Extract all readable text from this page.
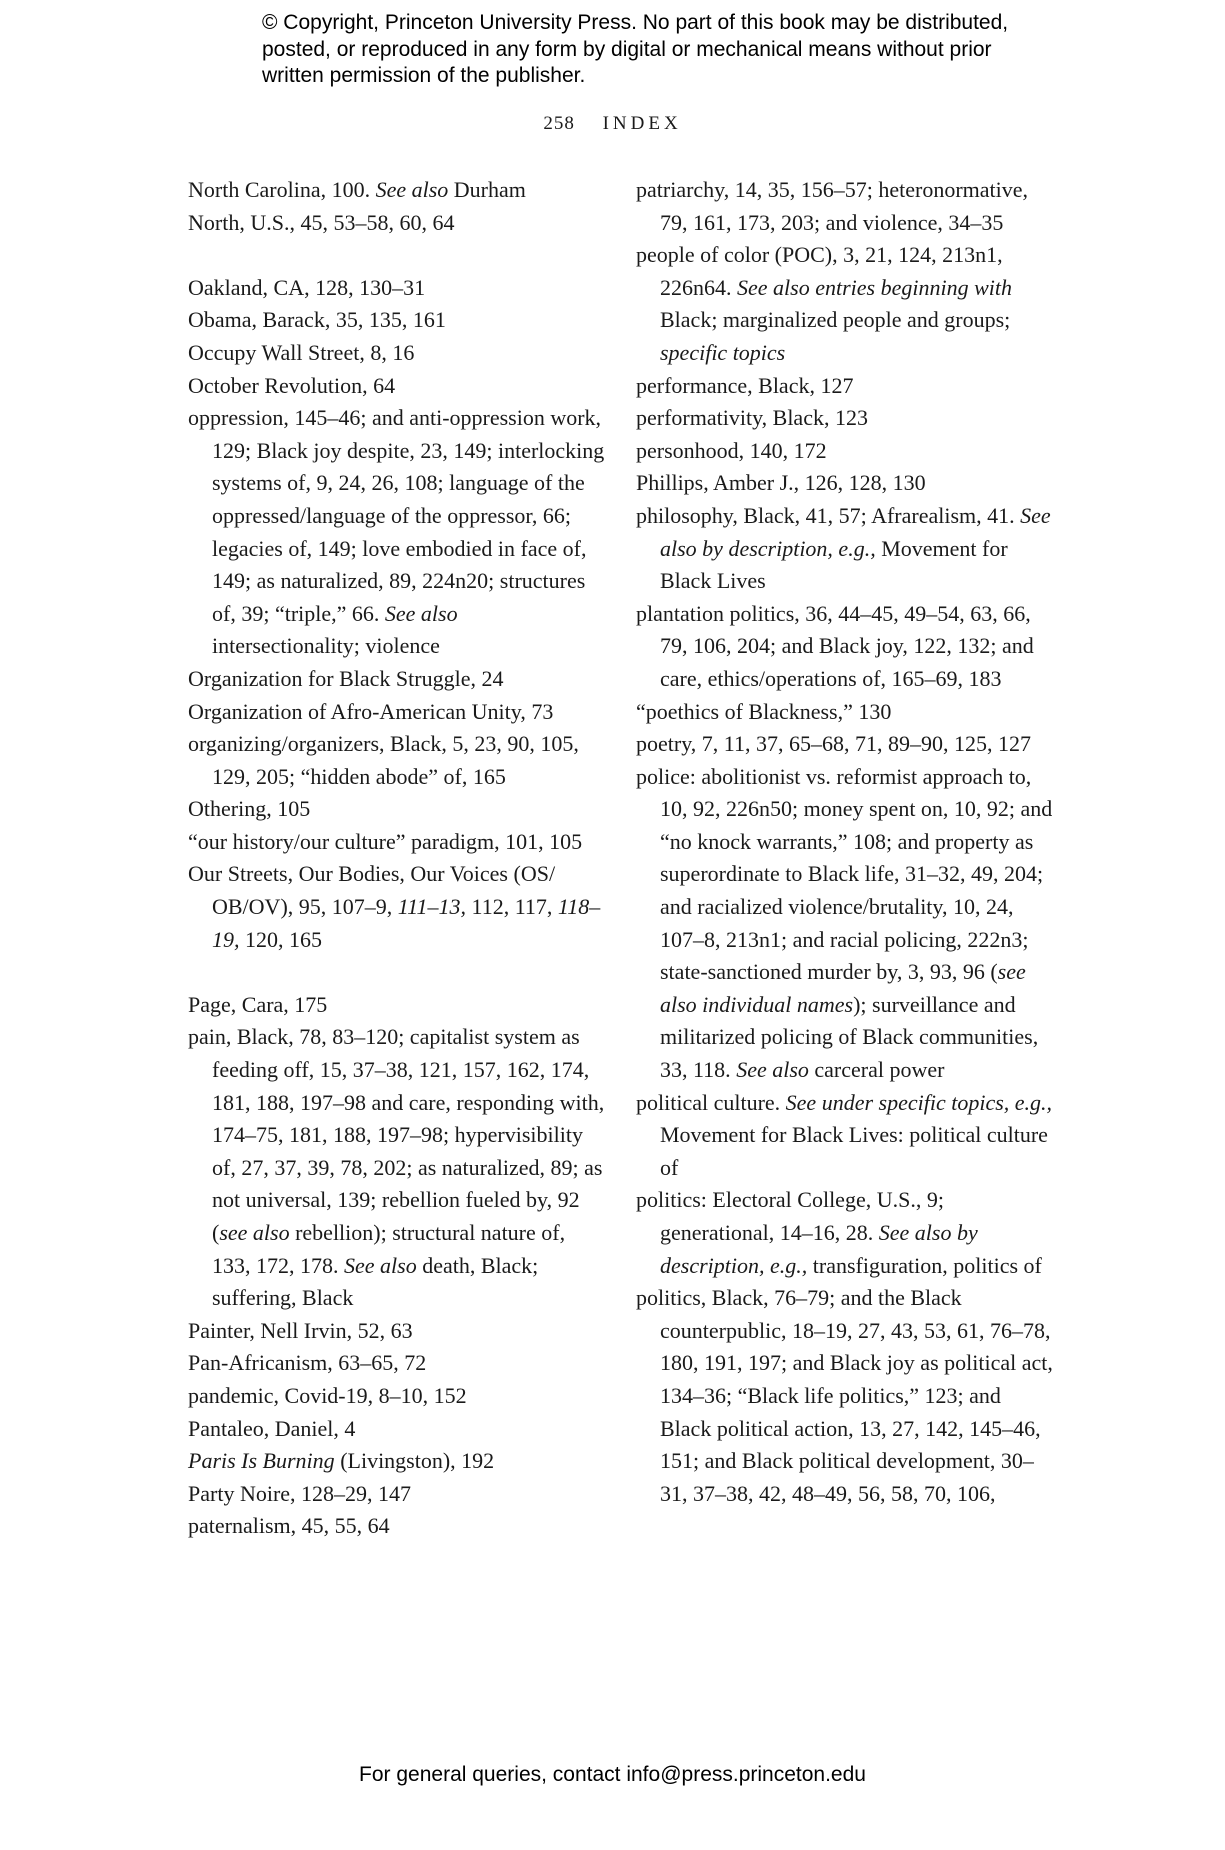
© Copyright, Princeton University Press. No part of this book may be distributed, posted, or reproduced in any form by digital or mechanical means without prior written permission of the publisher.
258 INDEX

North Carolina, 100. See also Durham

North, U.S., 45, 53–58, 60, 64

Oakland, CA, 128, 130–31

Obama, Barack, 35, 135, 161

Occupy Wall Street, 8, 16

October Revolution, 64

oppression, 145–46; and anti-oppression work, 129; Black joy despite, 23, 149; interlocking systems of, 9, 24, 26, 108; language of the oppressed/language of the oppressor, 66; legacies of, 149; love embodied in face of, 149; as naturalized, 89, 224n20; structures of, 39; “triple,” 66. See also intersectionality; violence

Organization for Black Struggle, 24

Organization of Afro-American Unity, 73

organizing/organizers, Black, 5, 23, 90, 105, 129, 205; “hidden abode” of, 165

Othering, 105

“our history/our culture” paradigm, 101, 105

Our Streets, Our Bodies, Our Voices (OS/ OB/OV), 95, 107–9, 111–13, 112, 117, 118–19, 120, 165

Page, Cara, 175

pain, Black, 78, 83–120; capitalist system as feeding off, 15, 37–38, 121, 157, 162, 174, 181, 188, 197–98 and care, responding with, 174–75, 181, 188, 197–98; hypervisibility of, 27, 37, 39, 78, 202; as naturalized, 89; as not universal, 139; rebellion fueled by, 92 (see also rebellion); structural nature of, 133, 172, 178. See also death, Black; suffering, Black

Painter, Nell Irvin, 52, 63

Pan-Africanism, 63–65, 72

pandemic, Covid-19, 8–10, 152

Pantaleo, Daniel, 4

Paris Is Burning (Livingston), 192

Party Noire, 128–29, 147

paternalism, 45, 55, 64

patriarchy, 14, 35, 156–57; heteronormative, 79, 161, 173, 203; and violence, 34–35

people of color (POC), 3, 21, 124, 213n1, 226n64. See also entries beginning with Black; marginalized people and groups; specific topics

performance, Black, 127

performativity, Black, 123

personhood, 140, 172

Phillips, Amber J., 126, 128, 130

philosophy, Black, 41, 57; Afrarealism, 41. See also by description, e.g., Movement for Black Lives

plantation politics, 36, 44–45, 49–54, 63, 66, 79, 106, 204; and Black joy, 122, 132; and care, ethics/operations of, 165–69, 183

“poethics of Blackness,” 130

poetry, 7, 11, 37, 65–68, 71, 89–90, 125, 127

police: abolitionist vs. reformist approach to, 10, 92, 226n50; money spent on, 10, 92; and “no knock warrants,” 108; and property as superordinate to Black life, 31–32, 49, 204; and racialized violence/brutality, 10, 24, 107–8, 213n1; and racial policing, 222n3; state-sanctioned murder by, 3, 93, 96 (see also individual names); surveillance and militarized policing of Black communities, 33, 118. See also carceral power

political culture. See under specific topics, e.g., Movement for Black Lives: political culture of

politics: Electoral College, U.S., 9; generational, 14–16, 28. See also by description, e.g., transfiguration, politics of

politics, Black, 76–79; and the Black counterpublic, 18–19, 27, 43, 53, 61, 76–78, 180, 191, 197; and Black joy as political act, 134–36; “Black life politics,” 123; and Black political action, 13, 27, 142, 145–46, 151; and Black political development, 30–31, 37–38, 42, 48–49, 56, 58, 70, 106,

For general queries, contact info@press.princeton.edu
